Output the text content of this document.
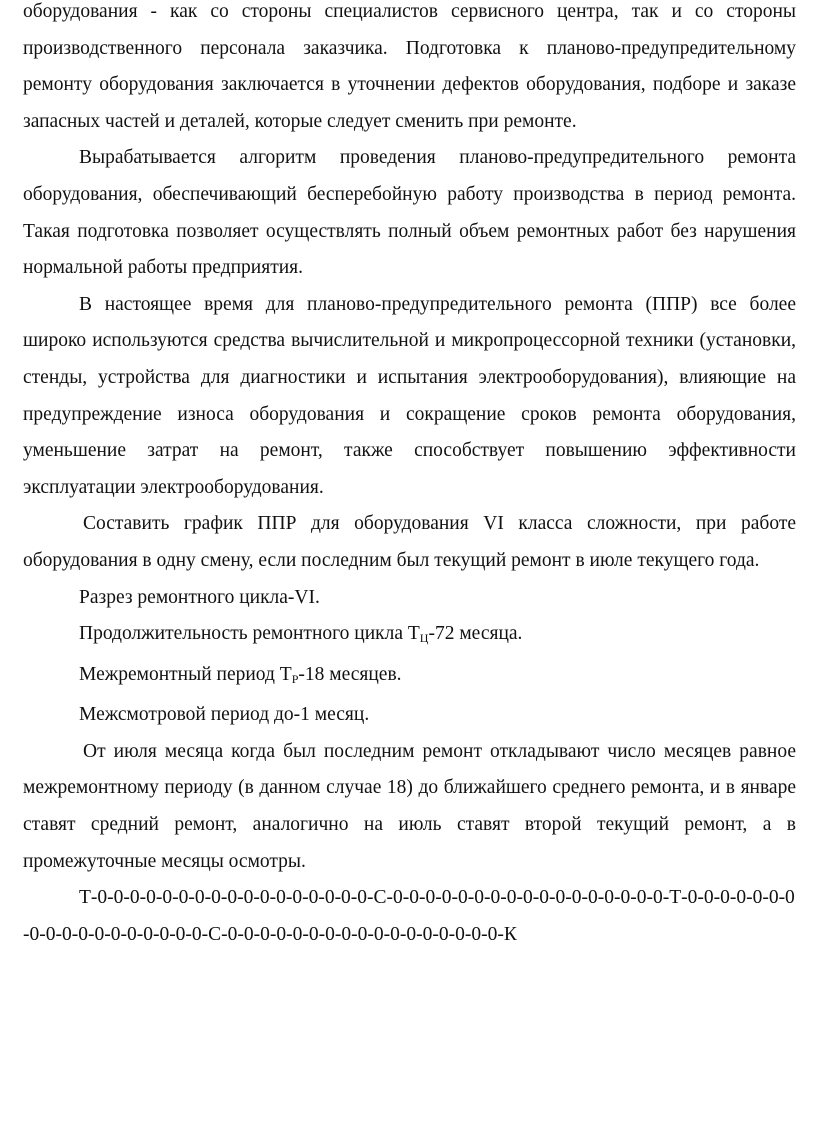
оборудования - как со стороны специалистов сервисного центра, так и со стороны производственного персонала заказчика. Подготовка к планово-предупредительному ремонту оборудования заключается в уточнении дефектов оборудования, подборе и заказе запасных частей и деталей, которые следует сменить при ремонте.

Вырабатывается алгоритм проведения планово-предупредительного ремонта оборудования, обеспечивающий бесперебойную работу производства в период ремонта. Такая подготовка позволяет осуществлять полный объем ремонтных работ без нарушения нормальной работы предприятия.

В настоящее время для планово-предупредительного ремонта (ППР) все более широко используются средства вычислительной и микропроцессорной техники (установки, стенды, устройства для диагностики и испытания электрооборудования), влияющие на предупреждение износа оборудования и сокращение сроков ремонта оборудования, уменьшение затрат на ремонт, также способствует повышению эффективности эксплуатации электрооборудования.

Составить график ППР для оборудования VI класса сложности, при работе оборудования в одну смену, если последним был текущий ремонт в июле текущего года.

Разрез ремонтного цикла-VI.

Продолжительность ремонтного цикла $Т_Ц-72$ месяца.

Межремонтный период $Т_Р-18$ месяцев.

Межсмотровой период до-1 месяц.

От июля месяца когда был последним ремонт откладывают число месяцев равное межремонтному периоду (в данном случае 18) до ближайшего среднего ремонта, и в январе ставят средний ремонт, аналогично на июль ставят второй текущий ремонт, а в промежуточные месяцы осмотры.

Т-0-0-0-0-0-0-0-0-0-0-0-0-0-0-0-0-0-С-0-0-0-0-0-0-0-0-0-0-0-0-0-0-0-0-0-Т-0-0-0-0-0-0-0-0-0-0-0-0-0-0-0-0-0-0-С-0-0-0-0-0-0-0-0-0-0-0-0-0-0-0-0-0-К
